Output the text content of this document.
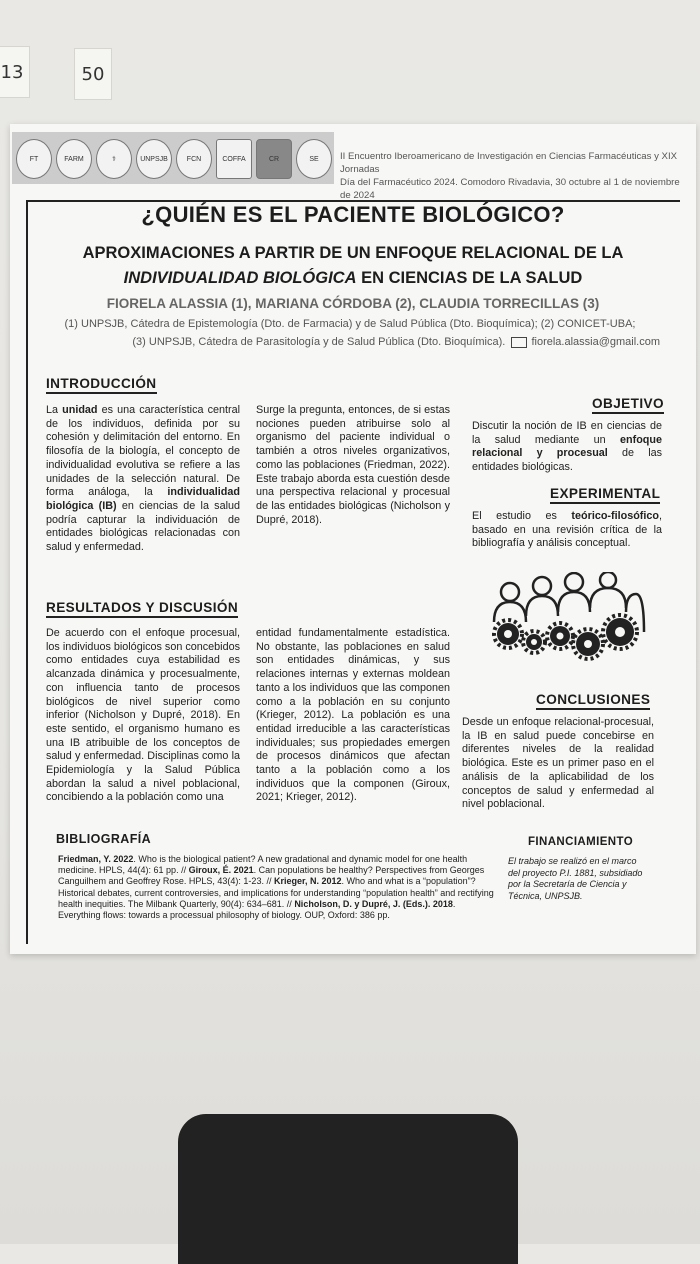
13	50
FT	FARM	⚕	UNPSJB	FCN	COFFA	CR	SE II Encuentro Iberoamericano de Investigación en Ciencias Farmacéuticas y XIX Jornadas
Día del Farmacéutico 2024. Comodoro Rivadavia, 30 octubre al 1 de noviembre de 2024
¿QUIÉN ES EL PACIENTE BIOLÓGICO?
APROXIMACIONES A PARTIR DE UN ENFOQUE RELACIONAL DE LA
INDIVIDUALIDAD BIOLÓGICA EN CIENCIAS DE LA SALUD
FIORELA ALASSIA (1), MARIANA CÓRDOBA (2), CLAUDIA TORRECILLAS (3)
(1) UNPSJB, Cátedra de Epistemología (Dto. de Farmacia) y de Salud Pública (Dto. Bioquímica); (2) CONICET-UBA;
(3) UNPSJB, Cátedra de Parasitología y de Salud Pública (Dto. Bioquímica). fiorela.alassia@gmail.com
INTRODUCCIÓN
La unidad es una característica central de los individuos, definida por su cohesión y delimitación del entorno. En filosofía de la biología, el concepto de individualidad evolutiva se refiere a las unidades de la selección natural. De forma análoga, la individualidad biológica (IB) en ciencias de la salud podría capturar la individuación de entidades biológicas relacionadas con salud y enfermedad.
Surge la pregunta, entonces, de si estas nociones pueden atribuirse solo al organismo del paciente individual o también a otros niveles organizativos, como las poblaciones (Friedman, 2022). Este trabajo aborda esta cuestión desde una perspectiva relacional y procesual de las entidades biológicas (Nicholson y Dupré, 2018).
OBJETIVO
Discutir la noción de IB en ciencias de la salud mediante un enfoque relacional y procesual de las entidades biológicas.
EXPERIMENTAL
El estudio es teórico-filosófico, basado en una revisión crítica de la bibliografía y análisis conceptual.
RESULTADOS Y DISCUSIÓN
De acuerdo con el enfoque procesual, los individuos biológicos son concebidos como entidades cuya estabilidad es alcanzada dinámica y procesualmente, con influencia tanto de procesos biológicos de nivel superior como inferior (Nicholson y Dupré, 2018). En este sentido, el organismo humano es una IB atribuible de los conceptos de salud y enfermedad. Disciplinas como la Epidemiología y la Salud Pública abordan la salud a nivel poblacional, concibiendo a la población como una
entidad fundamentalmente estadística. No obstante, las poblaciones en salud son entidades dinámicas, y sus relaciones internas y externas moldean tanto a los individuos que las componen como a la población en su conjunto (Krieger, 2012). La población es una entidad irreducible a las características individuales; sus propiedades emergen de procesos dinámicos que afectan tanto a la población como a los individuos que la componen (Giroux, 2021; Krieger, 2012).
CONCLUSIONES
Desde un enfoque relacional-procesual, la IB en salud puede concebirse en diferentes niveles de la realidad biológica. Este es un primer paso en el análisis de la aplicabilidad de los conceptos de salud y enfermedad al nivel poblacional.
BIBLIOGRAFÍA
Friedman, Y. 2022. Who is the biological patient? A new gradational and dynamic model for one health medicine. HPLS, 44(4): 61 pp. // Giroux, É. 2021. Can populations be healthy? Perspectives from Georges Canguilhem and Geoffrey Rose. HPLS, 43(4): 1-23. // Krieger, N. 2012. Who and what is a “population”? Historical debates, current controversies, and implications for understanding “population health” and rectifying health inequities. The Milbank Quarterly, 90(4): 634–681. // Nicholson, D. y Dupré, J. (Eds.). 2018. Everything flows: towards a processual philosophy of biology. OUP, Oxford: 386 pp.
FINANCIAMIENTO
El trabajo se realizó en el marco del proyecto P.I. 1881, subsidiado por la Secretaría de Ciencia y Técnica, UNPSJB.
